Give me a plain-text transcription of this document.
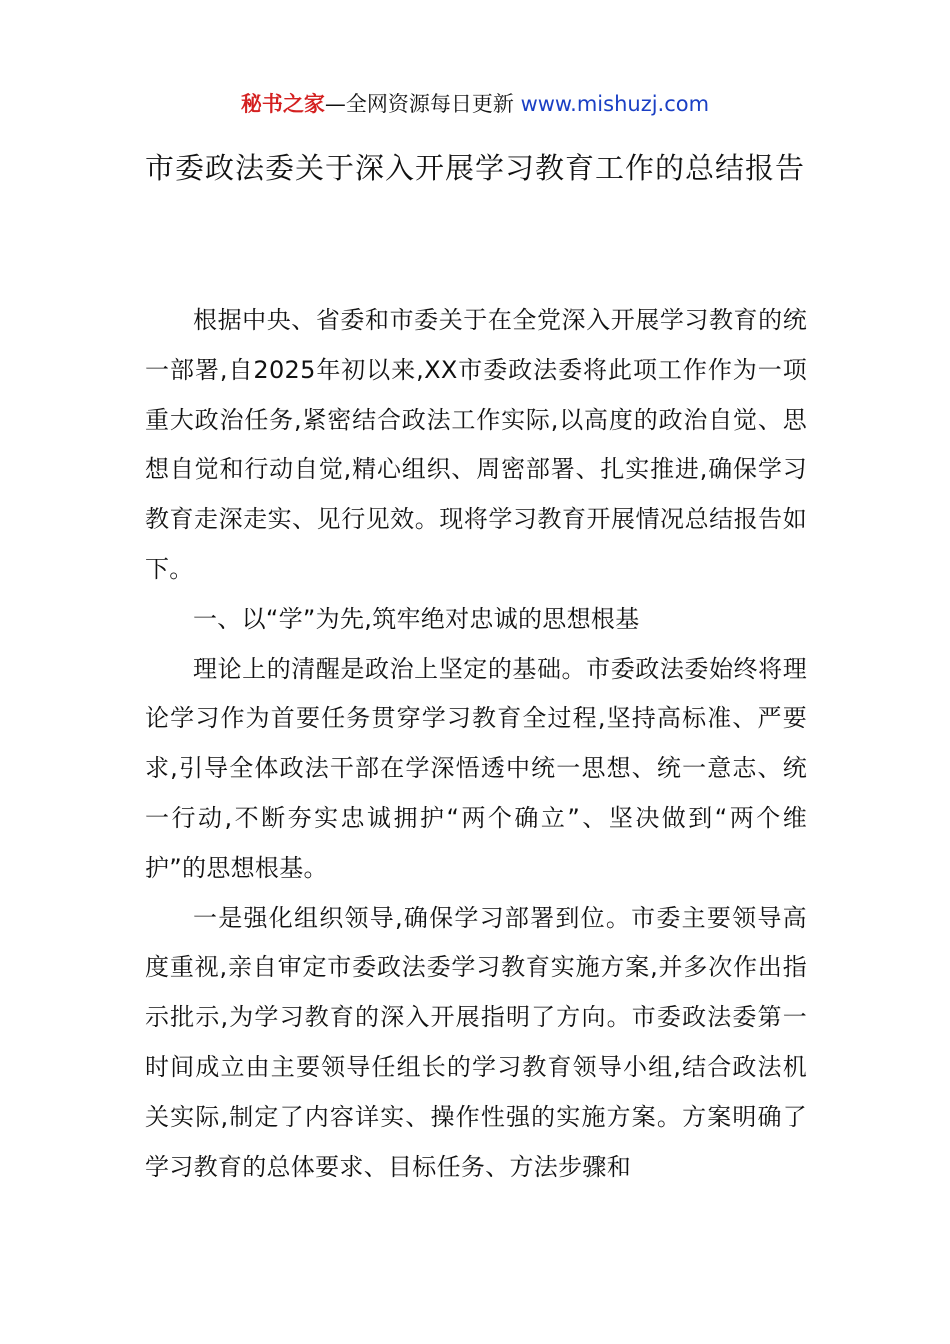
秘书之家—全网资源每日更新 www.mishuzj.com
市委政法委关于深入开展学习教育工作的总结报告

根据中央、省委和市委关于在全党深入开展学习教育的统一部署,自2025年初以来,XX市委政法委将此项工作作为一项重大政治任务,紧密结合政法工作实际,以高度的政治自觉、思想自觉和行动自觉,精心组织、周密部署、扎实推进,确保学习教育走深走实、见行见效。现将学习教育开展情况总结报告如下。

一、以“学”为先,筑牢绝对忠诚的思想根基

理论上的清醒是政治上坚定的基础。市委政法委始终将理论学习作为首要任务贯穿学习教育全过程,坚持高标准、严要求,引导全体政法干部在学深悟透中统一思想、统一意志、统一行动,不断夯实忠诚拥护“两个确立”、坚决做到“两个维护”的思想根基。

一是强化组织领导,确保学习部署到位。市委主要领导高度重视,亲自审定市委政法委学习教育实施方案,并多次作出指示批示,为学习教育的深入开展指明了方向。市委政法委第一时间成立由主要领导任组长的学习教育领导小组,结合政法机关实际,制定了内容详实、操作性强的实施方案。方案明确了学习教育的总体要求、目标任务、方法步骤和
